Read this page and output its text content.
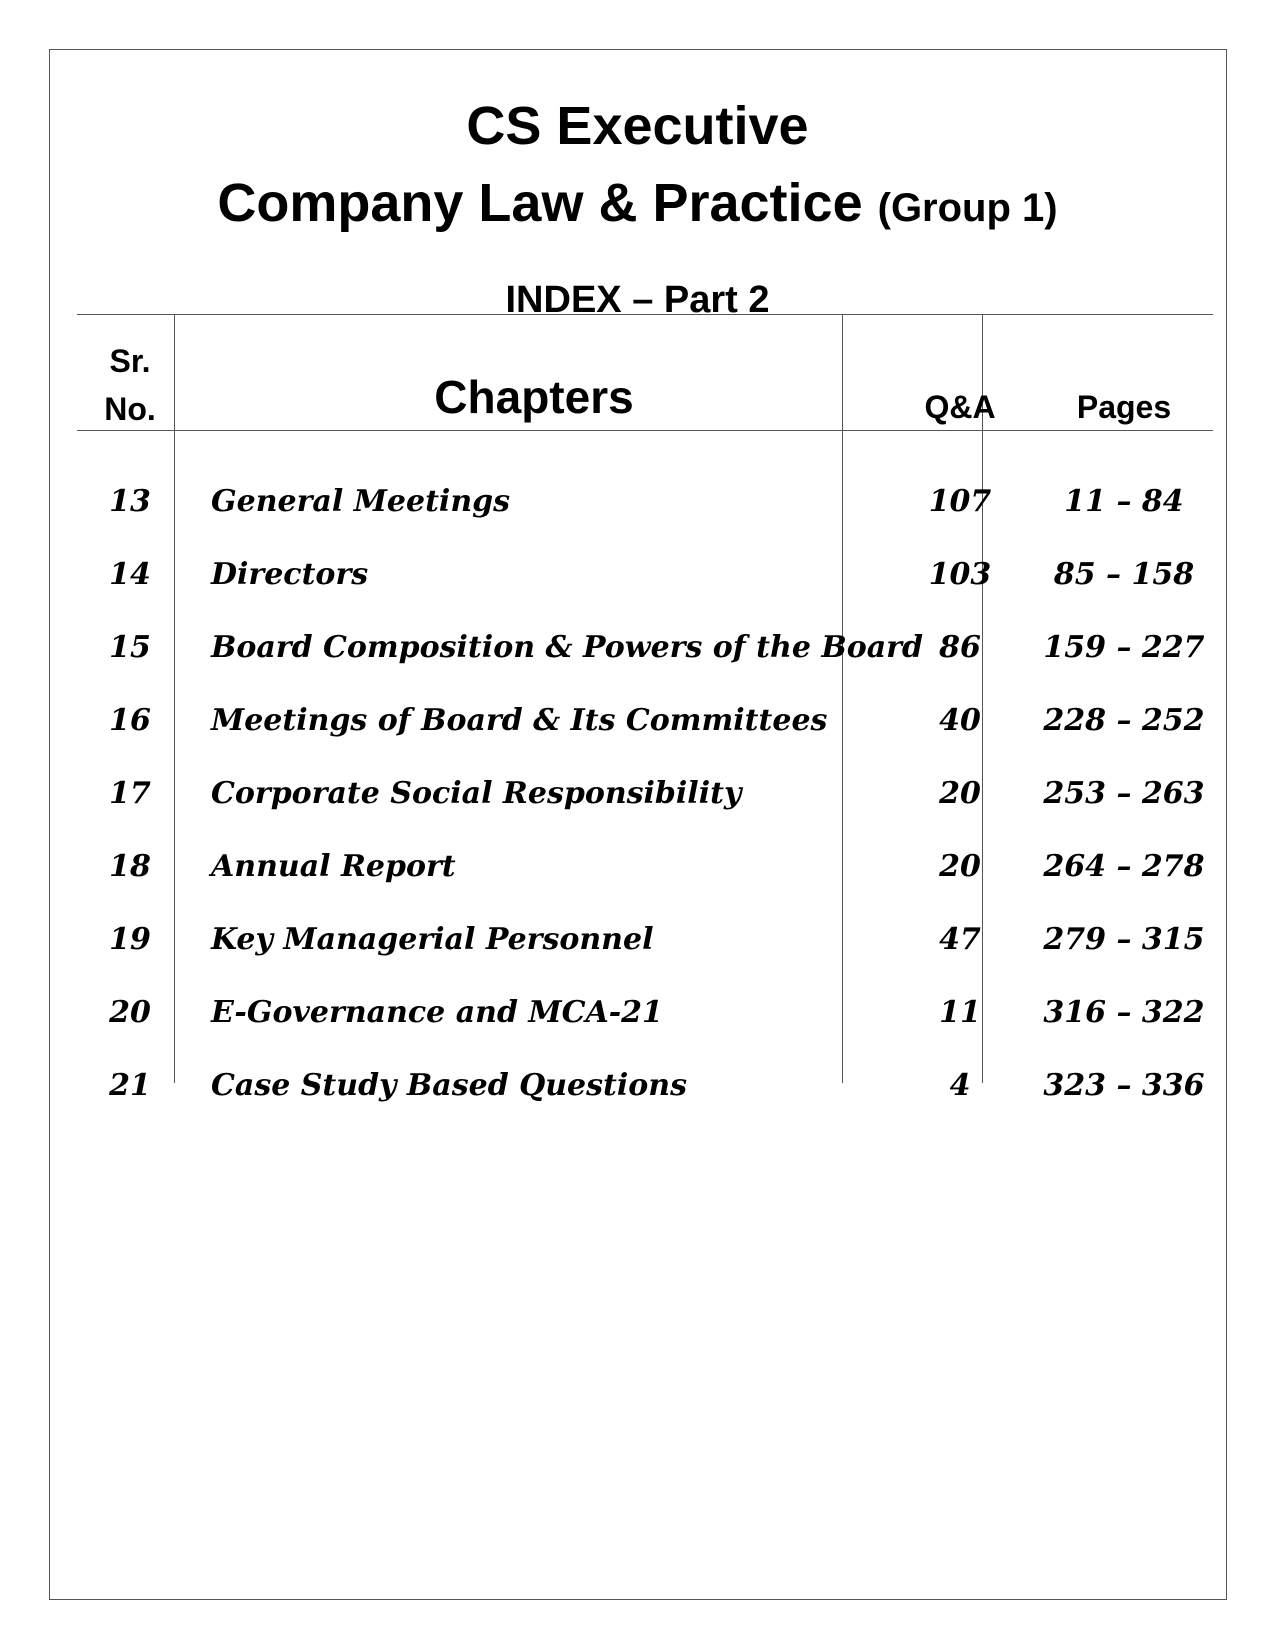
CS Executive
Company Law & Practice (Group 1)
INDEX – Part 2
Sr.
No.	Chapters	Q&A	Pages
13	General Meetings	107	11 – 84
14	Directors	103	85 – 158
15	Board Composition & Powers of the Board 86	159 – 227
16	Meetings of Board & Its Committees	40	228 – 252
17	Corporate Social Responsibility	20	253 – 263
18	Annual Report	20	264 – 278
19	Key Managerial Personnel	47	279 – 315
20	E-Governance and MCA-21	11	316 – 322
21	Case Study Based Questions	4	323 – 336
